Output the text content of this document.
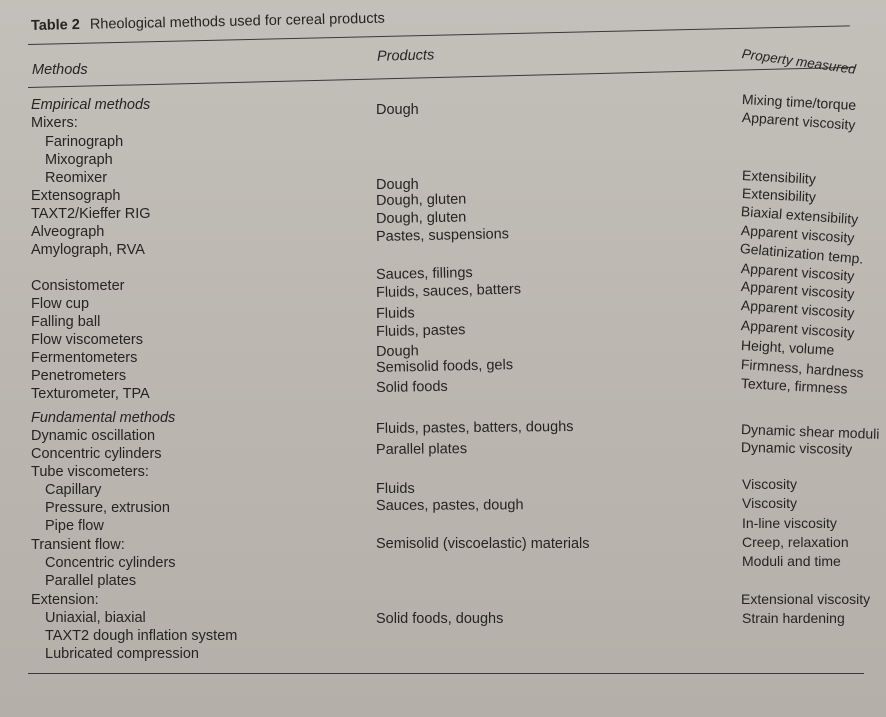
Table 2 Rheological methods used for cereal products
Methods
Products	Property measured
Empirical methods
Mixers:
Farinograph
Mixograph
Reomixer
Extensograph
TAXT2/Kieffer RIG
Alveograph
Amylograph, RVA
Consistometer
Flow cup
Falling ball
Flow viscometers
Fermentometers
Penetrometers
Texturometer, TPA
Fundamental methods
Dynamic oscillation
Concentric cylinders
Tube viscometers:
Capillary
Pressure, extrusion
Pipe flow
Transient flow:
Concentric cylinders
Parallel plates
Extension:
Uniaxial, biaxial
TAXT2 dough inflation system
Lubricated compression
Dough
Dough
Dough, gluten
Dough, gluten
Pastes, suspensions
Sauces, fillings
Fluids, sauces, batters
Fluids
Fluids, pastes
Dough
Semisolid foods, gels
Solid foods
Fluids, pastes, batters, doughs
Parallel plates
Fluids
Sauces, pastes, dough
Semisolid (viscoelastic) materials
Solid foods, doughs
Mixing time/torque
Apparent viscosity
Extensibility
Extensibility
Biaxial extensibility
Apparent viscosity
Gelatinization temp.
Apparent viscosity
Apparent viscosity
Apparent viscosity
Apparent viscosity
Height, volume
Firmness, hardness
Texture, firmness
Dynamic shear moduli
Dynamic viscosity
Viscosity
Viscosity
In-line viscosity
Creep, relaxation
Moduli and time
Extensional viscosity
Strain hardening
